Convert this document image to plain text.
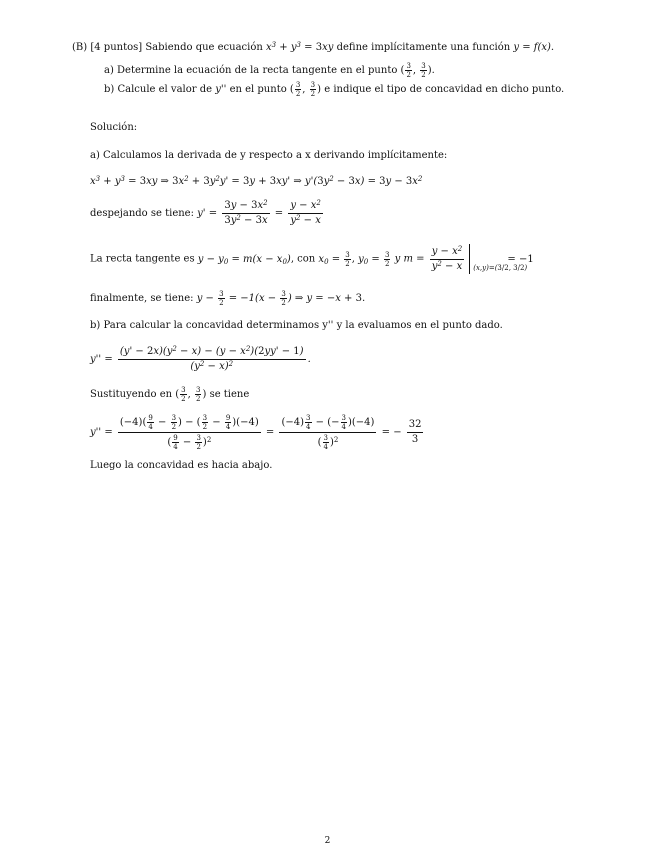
(B) [4 puntos] Sabiendo que ecuación $x^3 + y^3 = 3xy$ define implícitamente una función y = f(x).
a) Determine la ecuación de la recta tangente en el punto ( $\frac{3}{2}$ , $\frac{3}{2}$ ).
b) Calcule el valor de y'' en el punto ( $\frac{3}{2}$ , $\frac{3}{2}$ ) e indique el tipo de concavidad en dicho punto.
Solución:
a) Calculamos la derivada de y respecto a x derivando implícitamente:
$x^3 + y^3 = 3xy$ ⇒ $3x^2 + 3y^2y' = 3y + 3xy'$ ⇒ $y'(3y^2 - 3x) = 3y - 3x^2$
despejando se tiene: $y' = \frac{3y - 3x^2}{3y^2 - 3x} = \frac{y - x^2}{y^2 - x}$
La recta tangente es $y - y_0 = m(x - x_0)$, con $x_0 = \frac{3}{2}$ , $y_0 = \frac{3}{2}$ y $m = \frac{y - x^2}{y^2 - x} (x,y)=(3/2$, 3/2)
= −1
finalmente, se tiene: $y - \frac{3}{2} = -1(x - \frac{3}{2}$ ) ⇒ y = −x + 3.
b) Para calcular la concavidad determinamos y'' y la evaluamos en el punto dado.
$y'' = \frac{(y' - 2x)(y^2 - x) - (y - x^2)(2yy' - 1)}{(y^2 - x)^2}$ .
Sustituyendo en ( $\frac{3}{2}$ , $\frac{3}{2}$ ) se tiene
$y'' = \frac{(-4)( \frac{9}{4} - \frac{3}{2} ) - ( \frac{3}{2} - \frac{9}{4} )(-4)}{( \frac{9}{4} - \frac{3}{2} )^2} = \frac{(-4) \frac{3}{4} - (- \frac{3}{4} )(-4)}{( \frac{3}{4} )^2}$ = − $\frac{32}{3}$
Luego la concavidad es hacia abajo.
2
